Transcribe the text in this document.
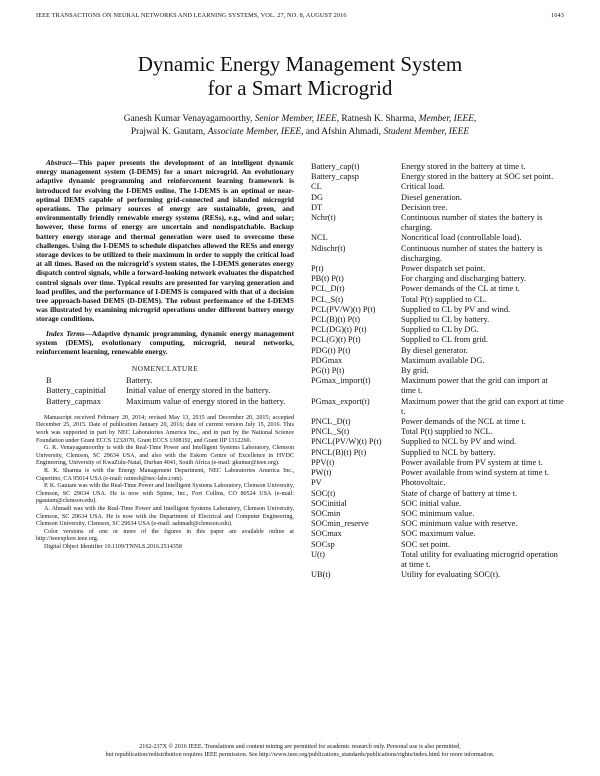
IEEE TRANSACTIONS ON NEURAL NETWORKS AND LEARNING SYSTEMS, VOL. 27, NO. 8, AUGUST 2016	1643
Dynamic Energy Management System
for a Smart Microgrid
Ganesh Kumar Venayagamoorthy, Senior Member, IEEE, Ratnesh K. Sharma, Member, IEEE,
Prajwal K. Gautam, Associate Member, IEEE, and Afshin Ahmadi, Student Member, IEEE

Abstract—This paper presents the development of an intelligent dynamic energy management system (I-DEMS) for a smart microgrid. An evolutionary adaptive dynamic programming and reinforcement learning framework is introduced for evolving the I-DEMS online. The I-DEMS is an optimal or near-optimal DEMS capable of performing grid-connected and islanded microgrid operations. The primary sources of energy are sustainable, green, and environmentally friendly renewable energy systems (RESs), e.g., wind and solar; however, these forms of energy are uncertain and nondispatchable. Backup battery energy storage and thermal generation were used to overcome these challenges. Using the I-DEMS to schedule dispatches allowed the RESs and energy storage devices to be utilized to their maximum in order to supply the critical load at all times. Based on the microgrid's system states, the I-DEMS generates energy dispatch control signals, while a forward-looking network evaluates the dispatched control signals over time. Typical results are presented for varying generation and load profiles, and the performance of I-DEMS is compared with that of a decision tree approach-based DEMS (D-DEMS). The robust performance of the I-DEMS was illustrated by examining microgrid operations under different battery energy storage conditions.

Index Terms—Adaptive dynamic programming, dynamic energy management system (DEMS), evolutionary computing, microgrid, neural networks, reinforcement learning, renewable energy.

NOMENCLATURE
B	Battery.
Battery_capinitial	Initial value of energy stored in the battery.
Battery_capmax	Maximum value of energy stored in the battery.

Manuscript received February 20, 2014; revised May 13, 2015 and December 20, 2015; accepted December 25, 2015. Date of publication January 20, 2016; date of current version July 15, 2016. This work was supported in part by NEC Laboratories America Inc., and in part by the National Science Foundation under Grant ECCS 1232070, Grant ECCS 1308192, and Grant IIP 1312260.

G. K. Venayagamoorthy is with the Real-Time Power and Intelligent Systems Laboratory, Clemson University, Clemson, SC 29634 USA, and also with the Eskom Centre of Excellence in HVDC Engineering, University of KwaZulu-Natal, Durban 4041, South Africa (e-mail: gkumar@ieee.org).

R. K. Sharma is with the Energy Management Department, NEC Laboratories America Inc., Cupertino, CA 95014 USA (e-mail: ratnesh@nec-labs.com).

P. K. Gautam was with the Real-Time Power and Intelligent Systems Laboratory, Clemson University, Clemson, SC 29634 USA. He is now with Spime, Inc., Fort Collins, CO 80524 USA (e-mail: pgautam@clemson.edu).

A. Ahmadi was with the Real-Time Power and Intelligent Systems Laboratory, Clemson University, Clemson, SC 29634 USA. He is now with the Department of Electrical and Computer Engineering, Clemson University, Clemson, SC 29634 USA (e-mail: aahmadi@clemson.edu).

Color versions of one or more of the figures in this paper are available online at http://ieeexplore.ieee.org.

Digital Object Identifier 10.1109/TNNLS.2016.2514358

Battery_cap(t)	Energy stored in the battery at time t.
Battery_capsp	Energy stored in the battery at SOC set point.
CL	Critical load.
DG	Diesel generation.
DT	Decision tree.
Nchr(t)	Continuous number of states the battery is charging.
NCL	Noncritical load (controllable load).
Ndischr(t)	Continuous number of states the battery is discharging.
P(t)	Power dispatch set point.
PB(t) P(t)	For charging and discharging battery.
PCL_D(t)	Power demands of the CL at time t.
PCL_S(t)	Total P(t) supplied to CL.
PCL(PV/W)(t) P(t)	Supplied to CL by PV and wind.
PCL(B)(t) P(t)	Supplied to CL by battery.
PCL(DG)(t) P(t)	Supplied to CL by DG.
PCL(G)(t) P(t)	Supplied to CL from grid.
PDG(t) P(t)	By diesel generator.
PDGmax	Maximum available DG.
PG(t) P(t)	By grid.
PGmax_import(t)	Maximum power that the grid can import at time t.
PGmax_export(t)	Maximum power that the grid can export at time t.
PNCL_D(t)	Power demands of the NCL at time t.
PNCL_S(t)	Total P(t) supplied to NCL.
PNCL(PV/W)(t) P(t)	Supplied to NCL by PV and wind.
PNCL(B)(t) P(t)	Supplied to NCL by battery.
PPV(t)	Power available from PV system at time t.
PW(t)	Power available from wind system at time t.
PV	Photovoltaic.
SOC(t)	State of charge of battery at time t.
SOCinitial	SOC initial value.
SOCmin	SOC minimum value.
SOCmin_reserve	SOC minimum value with reserve.
SOCmax	SOC maximum value.
SOCsp	SOC set point.
U(t)	Total utility for evaluating microgrid operation at time t.
UB(t)	Utility for evaluating SOC(t).
2162-237X © 2016 IEEE. Translations and content mining are permitted for academic research only. Personal use is also permitted,
but republication/redistribution requires IEEE permission. See http://www.ieee.org/publications_standards/publications/rights/index.html for more information.
